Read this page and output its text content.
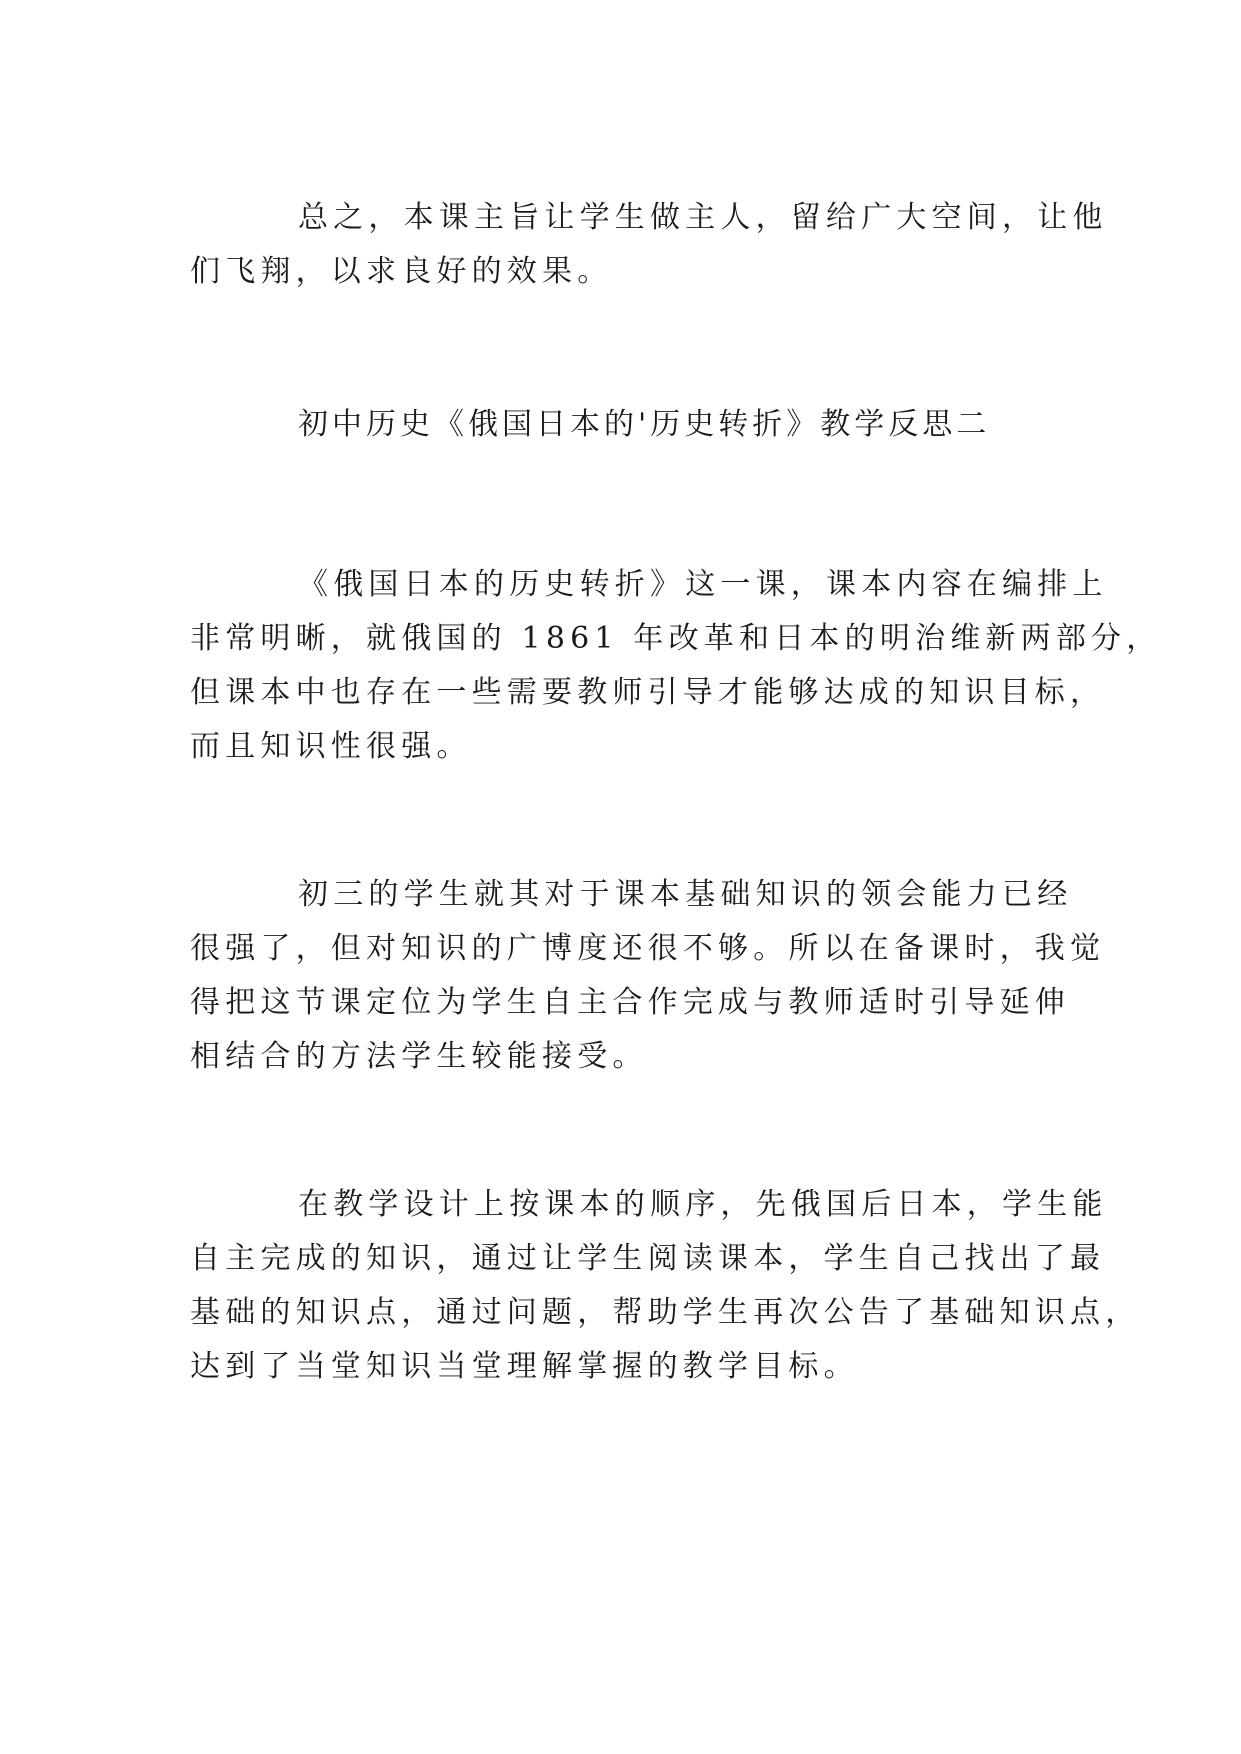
总之，本课主旨让学生做主人，留给广大空间，让他
们飞翔，以求良好的效果。
初中历史《俄国日本的'历史转折》教学反思二
《俄国日本的历史转折》这一课，课本内容在编排上
非常明晰，就俄国的 1861 年改革和日本的明治维新两部分，
但课本中也存在一些需要教师引导才能够达成的知识目标，
而且知识性很强。
初三的学生就其对于课本基础知识的领会能力已经
很强了，但对知识的广博度还很不够。所以在备课时，我觉
得把这节课定位为学生自主合作完成与教师适时引导延伸
相结合的方法学生较能接受。
在教学设计上按课本的顺序，先俄国后日本，学生能
自主完成的知识，通过让学生阅读课本，学生自己找出了最
基础的知识点，通过问题，帮助学生再次公告了基础知识点，
达到了当堂知识当堂理解掌握的教学目标。
